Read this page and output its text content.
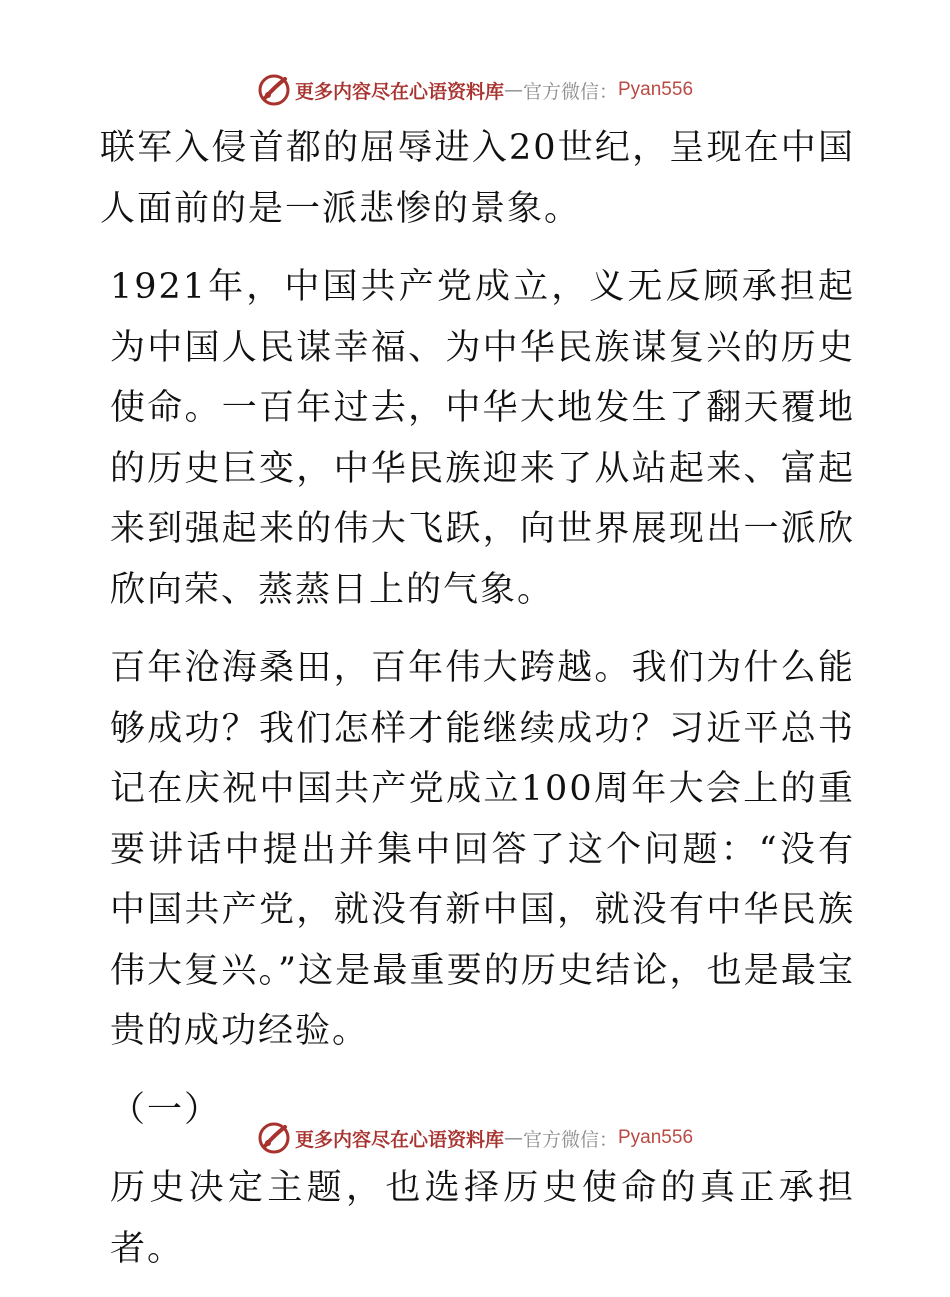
更多内容尽在心语资料库 — 官方微信： Pyan556

联军入侵首都的屈辱进入20世纪，呈现在中国人面前的是一派悲惨的景象。

1921年，中国共产党成立，义无反顾承担起为中国人民谋幸福、为中华民族谋复兴的历史使命。一百年过去，中华大地发生了翻天覆地的历史巨变，中华民族迎来了从站起来、富起来到强起来的伟大飞跃，向世界展现出一派欣欣向荣、蒸蒸日上的气象。

百年沧海桑田，百年伟大跨越。我们为什么能够成功？我们怎样才能继续成功？习近平总书记在庆祝中国共产党成立100周年大会上的重要讲话中提出并集中回答了这个问题：“没有中国共产党，就没有新中国，就没有中华民族伟大复兴。”这是最重要的历史结论，也是最宝贵的成功经验。

（一）

历史决定主题，也选择历史使命的真正承担者。

更多内容尽在心语资料库 — 官方微信： Pyan556
